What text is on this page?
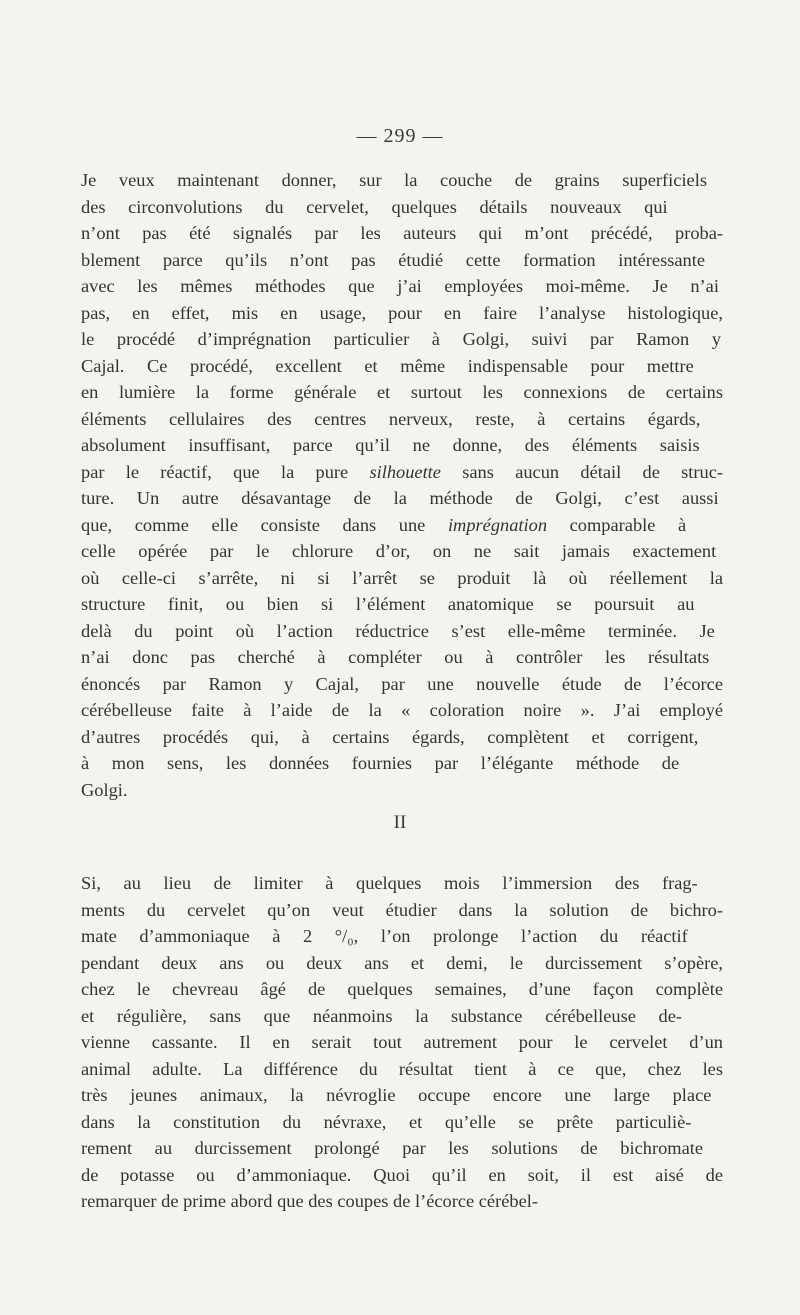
— 299 —
Je veux maintenant donner, sur la couche de grains superficiels
des circonvolutions du cervelet, quelques détails nouveaux qui
n’ont pas été signalés par les auteurs qui m’ont précédé, proba-
blement parce qu’ils n’ont pas étudié cette formation intéressante
avec les mêmes méthodes que j’ai employées moi-même. Je n’ai
pas, en effet, mis en usage, pour en faire l’analyse histologique,
le procédé d’imprégnation particulier à Golgi, suivi par Ramon y
Cajal. Ce procédé, excellent et même indispensable pour mettre
en lumière la forme générale et surtout les connexions de certains
éléments cellulaires des centres nerveux, reste, à certains égards,
absolument insuffisant, parce qu’il ne donne, des éléments saisis
par le réactif, que la pure silhouette sans aucun détail de struc-
ture. Un autre désavantage de la méthode de Golgi, c’est aussi
que, comme elle consiste dans une imprégnation comparable à
celle opérée par le chlorure d’or, on ne sait jamais exactement
où celle-ci s’arrête, ni si l’arrêt se produit là où réellement la
structure finit, ou bien si l’élément anatomique se poursuit au
delà du point où l’action réductrice s’est elle-même terminée. Je
n’ai donc pas cherché à compléter ou à contrôler les résultats
énoncés par Ramon y Cajal, par une nouvelle étude de l’écorce
cérébelleuse faite à l’aide de la « coloration noire ». J’ai employé
d’autres procédés qui, à certains égards, complètent et corrigent,
à mon sens, les données fournies par l’élégante méthode de
Golgi.
II
Si, au lieu de limiter à quelques mois l’immersion des frag-
ments du cervelet qu’on veut étudier dans la solution de bichro-
mate d’ammoniaque à 2 °/₀, l’on prolonge l’action du réactif
pendant deux ans ou deux ans et demi, le durcissement s’opère,
chez le chevreau âgé de quelques semaines, d’une façon complète
et régulière, sans que néanmoins la substance cérébelleuse de-
vienne cassante. Il en serait tout autrement pour le cervelet d’un
animal adulte. La différence du résultat tient à ce que, chez les
très jeunes animaux, la névroglie occupe encore une large place
dans la constitution du névraxe, et qu’elle se prête particuliè-
rement au durcissement prolongé par les solutions de bichromate
de potasse ou d’ammoniaque. Quoi qu’il en soit, il est aisé de
remarquer de prime abord que des coupes de l’écorce cérébel-
